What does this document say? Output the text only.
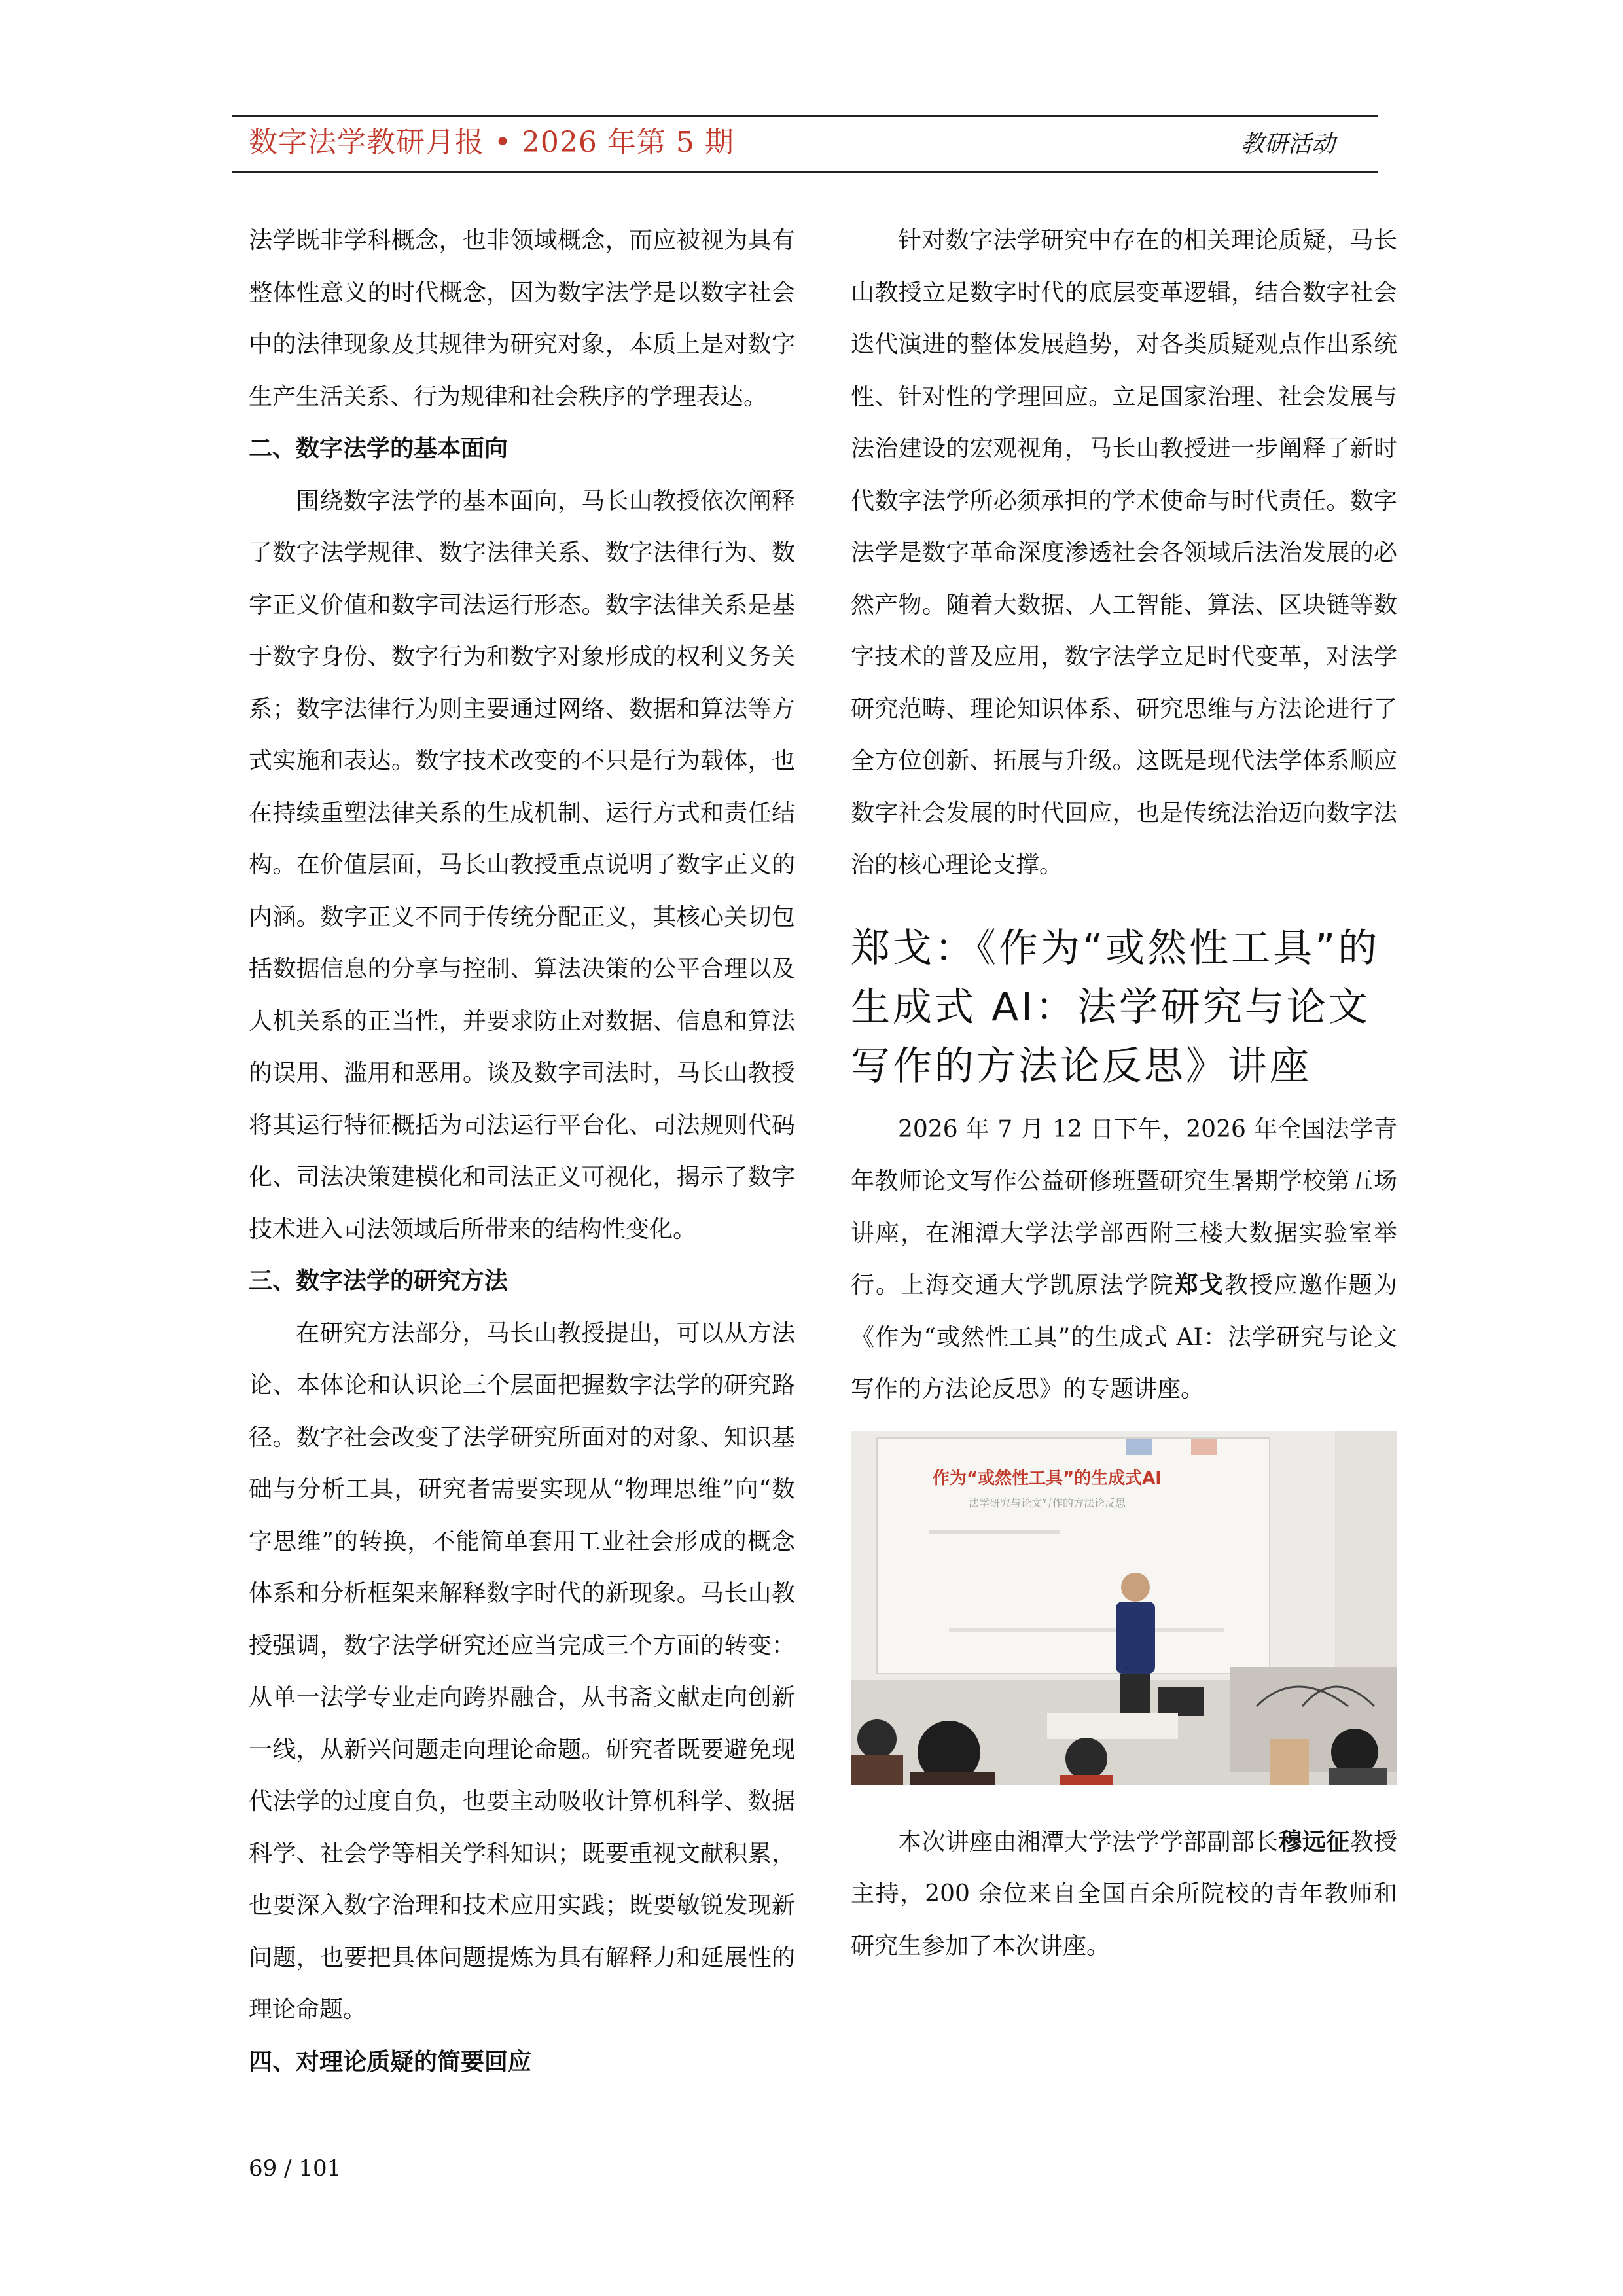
数字法学教研月报 • 2026 年第 5 期	教研活动

法学既非学科概念，也非领域概念，而应被视为具有整体性意义的时代概念，因为数字法学是以数字社会中的法律现象及其规律为研究对象，本质上是对数字生产生活关系、行为规律和社会秩序的学理表达。

二、数字法学的基本面向

围绕数字法学的基本面向，马长山教授依次阐释了数字法学规律、数字法律关系、数字法律行为、数字正义价值和数字司法运行形态。数字法律关系是基于数字身份、数字行为和数字对象形成的权利义务关系；数字法律行为则主要通过网络、数据和算法等方式实施和表达。数字技术改变的不只是行为载体，也在持续重塑法律关系的生成机制、运行方式和责任结构。在价值层面，马长山教授重点说明了数字正义的内涵。数字正义不同于传统分配正义，其核心关切包括数据信息的分享与控制、算法决策的公平合理以及人机关系的正当性，并要求防止对数据、信息和算法的误用、滥用和恶用。谈及数字司法时，马长山教授将其运行特征概括为司法运行平台化、司法规则代码化、司法决策建模化和司法正义可视化，揭示了数字技术进入司法领域后所带来的结构性变化。

三、数字法学的研究方法

在研究方法部分，马长山教授提出，可以从方法论、本体论和认识论三个层面把握数字法学的研究路径。数字社会改变了法学研究所面对的对象、知识基础与分析工具，研究者需要实现从“物理思维”向“数字思维”的转换，不能简单套用工业社会形成的概念体系和分析框架来解释数字时代的新现象。马长山教授强调，数字法学研究还应当完成三个方面的转变：从单一法学专业走向跨界融合，从书斋文献走向创新一线，从新兴问题走向理论命题。研究者既要避免现代法学的过度自负，也要主动吸收计算机科学、数据科学、社会学等相关学科知识；既要重视文献积累，也要深入数字治理和技术应用实践；既要敏锐发现新问题，也要把具体问题提炼为具有解释力和延展性的理论命题。

四、对理论质疑的简要回应

针对数字法学研究中存在的相关理论质疑，马长山教授立足数字时代的底层变革逻辑，结合数字社会迭代演进的整体发展趋势，对各类质疑观点作出系统性、针对性的学理回应。立足国家治理、社会发展与法治建设的宏观视角，马长山教授进一步阐释了新时代数字法学所必须承担的学术使命与时代责任。数字法学是数字革命深度渗透社会各领域后法治发展的必然产物。随着大数据、人工智能、算法、区块链等数字技术的普及应用，数字法学立足时代变革，对法学研究范畴、理论知识体系、研究思维与方法论进行了全方位创新、拓展与升级。这既是现代法学体系顺应数字社会发展的时代回应，也是传统法治迈向数字法治的核心理论支撑。

郑戈：《作为“或然性工具”的生成式 AI：法学研究与论文写作的方法论反思》讲座

2026 年 7 月 12 日下午，2026 年全国法学青年教师论文写作公益研修班暨研究生暑期学校第五场讲座，在湘潭大学法学部西附三楼大数据实验室举行。上海交通大学凯原法学院郑戈教授应邀作题为《作为“或然性工具”的生成式 AI：法学研究与论文写作的方法论反思》的专题讲座。

作为“或然性工具”的生成式AI
法学研究与论文写作的方法论反思

本次讲座由湘潭大学法学学部副部长穆远征教授主持，200 余位来自全国百余所院校的青年教师和研究生参加了本次讲座。

69 / 101
